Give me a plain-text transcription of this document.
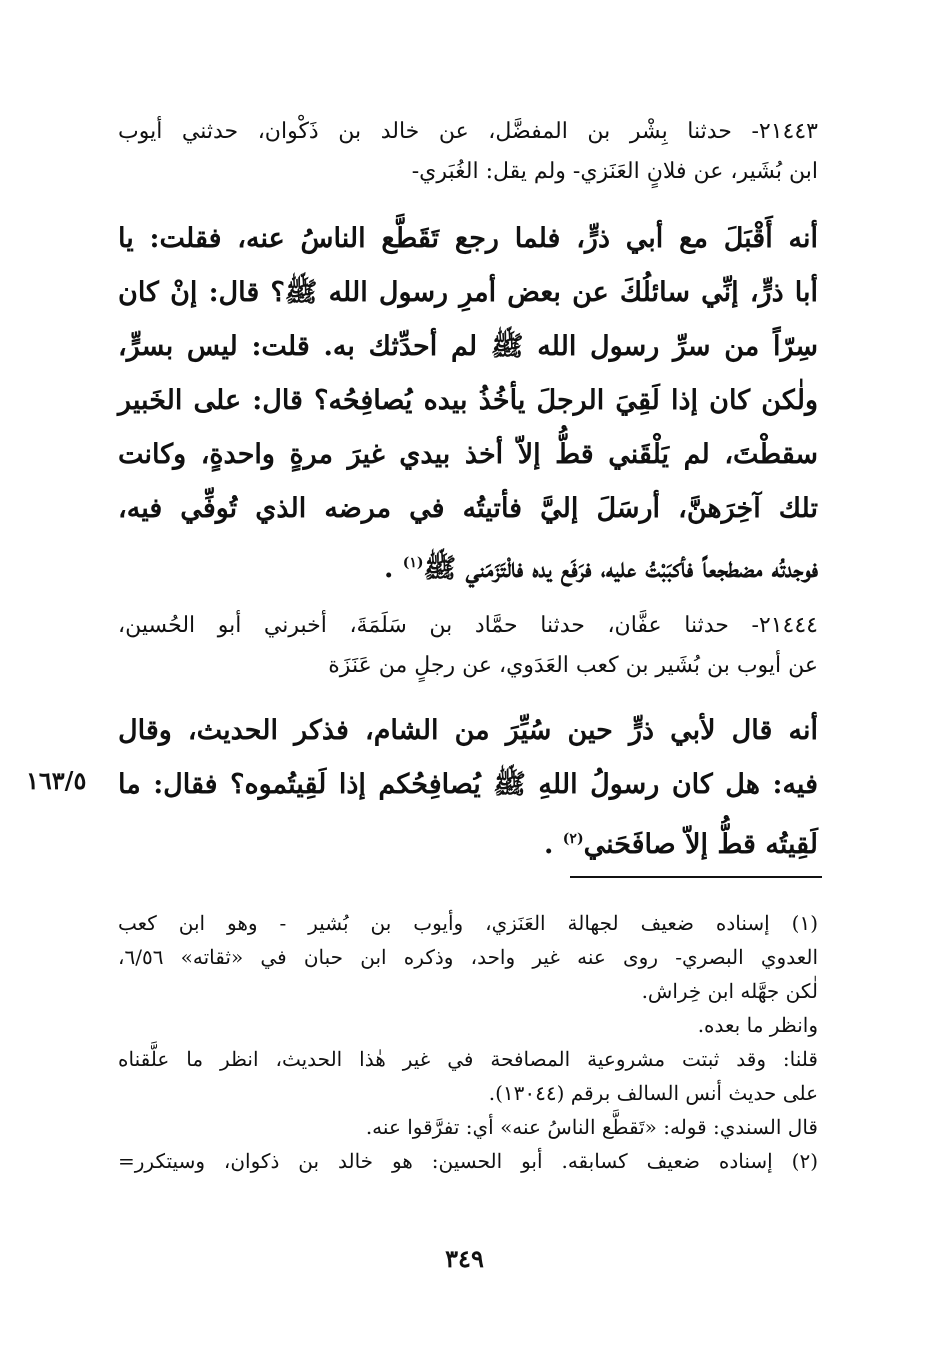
٢١٤٤٣- حدثنا بِشْر بن المفضَّل، عن خالد بن ذَكْوان، حدثني أيوب
ابن بُشَير، عن فلانٍ العَنَزي- ولم يقل: الغُبَري-
أنه أَقْبَلَ مع أبي ذرٍّ، فلما رجع تَقَطَّع الناسُ عنه، فقلت: يا
أبا ذرٍّ، إنِّي سائلُكَ عن بعض أمرِ رسول الله ﷺ؟ قال: إنْ كان
سِرّاً من سرِّ رسول الله ﷺ لم أحدِّثك به. قلت: ليس بسرٍّ،
ولٰكن كان إذا لَقِيَ الرجلَ يأخُذُ بيده يُصافِحُه؟ قال: على الخَبير
سقطْتَ، لم يَلْقَني قطُّ إلاّ أخذ بيدي غيرَ مرةٍ واحدةٍ، وكانت
تلك آخِرَهنَّ، أرسَلَ إليَّ فأتيتُه في مرضه الذي تُوفِّي فيه،
فوجدتُه مضطجعاً فأكبَبْتُ عليه، فرَفَع يده فالْتَزَمَني ﷺ$^{(١)}$ .
٢١٤٤٤- حدثنا عفَّان، حدثنا حمَّاد بن سَلَمَةَ، أخبرني أبو الحُسين،
عن أيوب بن بُشَير بن كعب العَدَوي، عن رجلٍ من عَنَزَة
أنه قال لأبي ذرٍّ حين سُيِّرَ من الشام، فذكر الحديث، وقال
فيه: هل كان رسولُ اللهِ ﷺ يُصافِحُكم إذا لَقِيتُموه؟ فقال: ما
لَقِيتُه قطُّ إلاّ صافَحَني$^{(٢)}$ .
١٦٣/٥
(١) إسناده ضعيف لجهالة العَنَزي، وأيوب بن بُشير - وهو ابن كعب
العدوي البصري- روى عنه غير واحد، وذكره ابن حبان في «ثقاته» ٦/٥٦،
لٰكن جهَّله ابن خِراش.
وانظر ما بعده.
قلنا: وقد ثبتت مشروعية المصافحة في غير هٰذا الحديث، انظر ما علَّقناه
على حديث أنس السالف برقم (١٣٠٤٤).
قال السندي: قوله: «تَقطَّع الناسُ عنه» أي: تفرَّقوا عنه.
(٢) إسناده ضعيف كسابقه. أبو الحسين: هو خالد بن ذكوان، وسيتكرر=
٣٤٩
